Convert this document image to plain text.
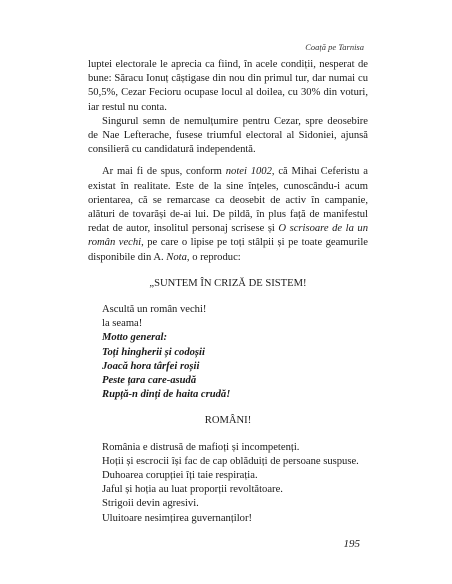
Coață pe Tarnisa

luptei electorale le aprecia ca fiind, în acele condiții, nesperat de bune: Săracu Ionuț câștigase din nou din primul tur, dar numai cu 50,5%, Cezar Fecioru ocupase locul al doilea, cu 30% din voturi, iar restul nu conta.

Singurul semn de nemulțumire pentru Cezar, spre deosebire de Nae Lefterache, fusese triumful electoral al Sidoniei, ajunsă consilieră cu candidatură independentă.

Ar mai fi de spus, conform notei 1002, că Mihai Ceferistu a existat în realitate. Este de la sine înțeles, cunoscându-i acum orientarea, că se remarcase ca deosebit de activ în campanie, alături de tovarăși de-ai lui. De pildă, în plus față de manifestul redat de autor, insolitul personaj scrisese și O scrisoare de la un român vechi, pe care o lipise pe toți stâlpii și pe toate geamurile disponibile din A. Nota, o reproduc:

„SUNTEM ÎN CRIZĂ DE SISTEM!

Ascultă un român vechi!

la seama!

Motto general:

Toți hingherii și codoșii

Joacă hora târfei roșii

Peste țara care-asudă

Rupță-n dinți de haita crudă!

ROMÂNI!

România e distrusă de mafioți și incompetenți.

Hoții și escrocii își fac de cap oblăduiți de persoane suspuse.

Duhoarea corupției îți taie respirația.

Jaful și hoția au luat proporții revoltătoare.

Strigoii devin agresivi.

Uluitoare nesimțirea guvernanților!

195
